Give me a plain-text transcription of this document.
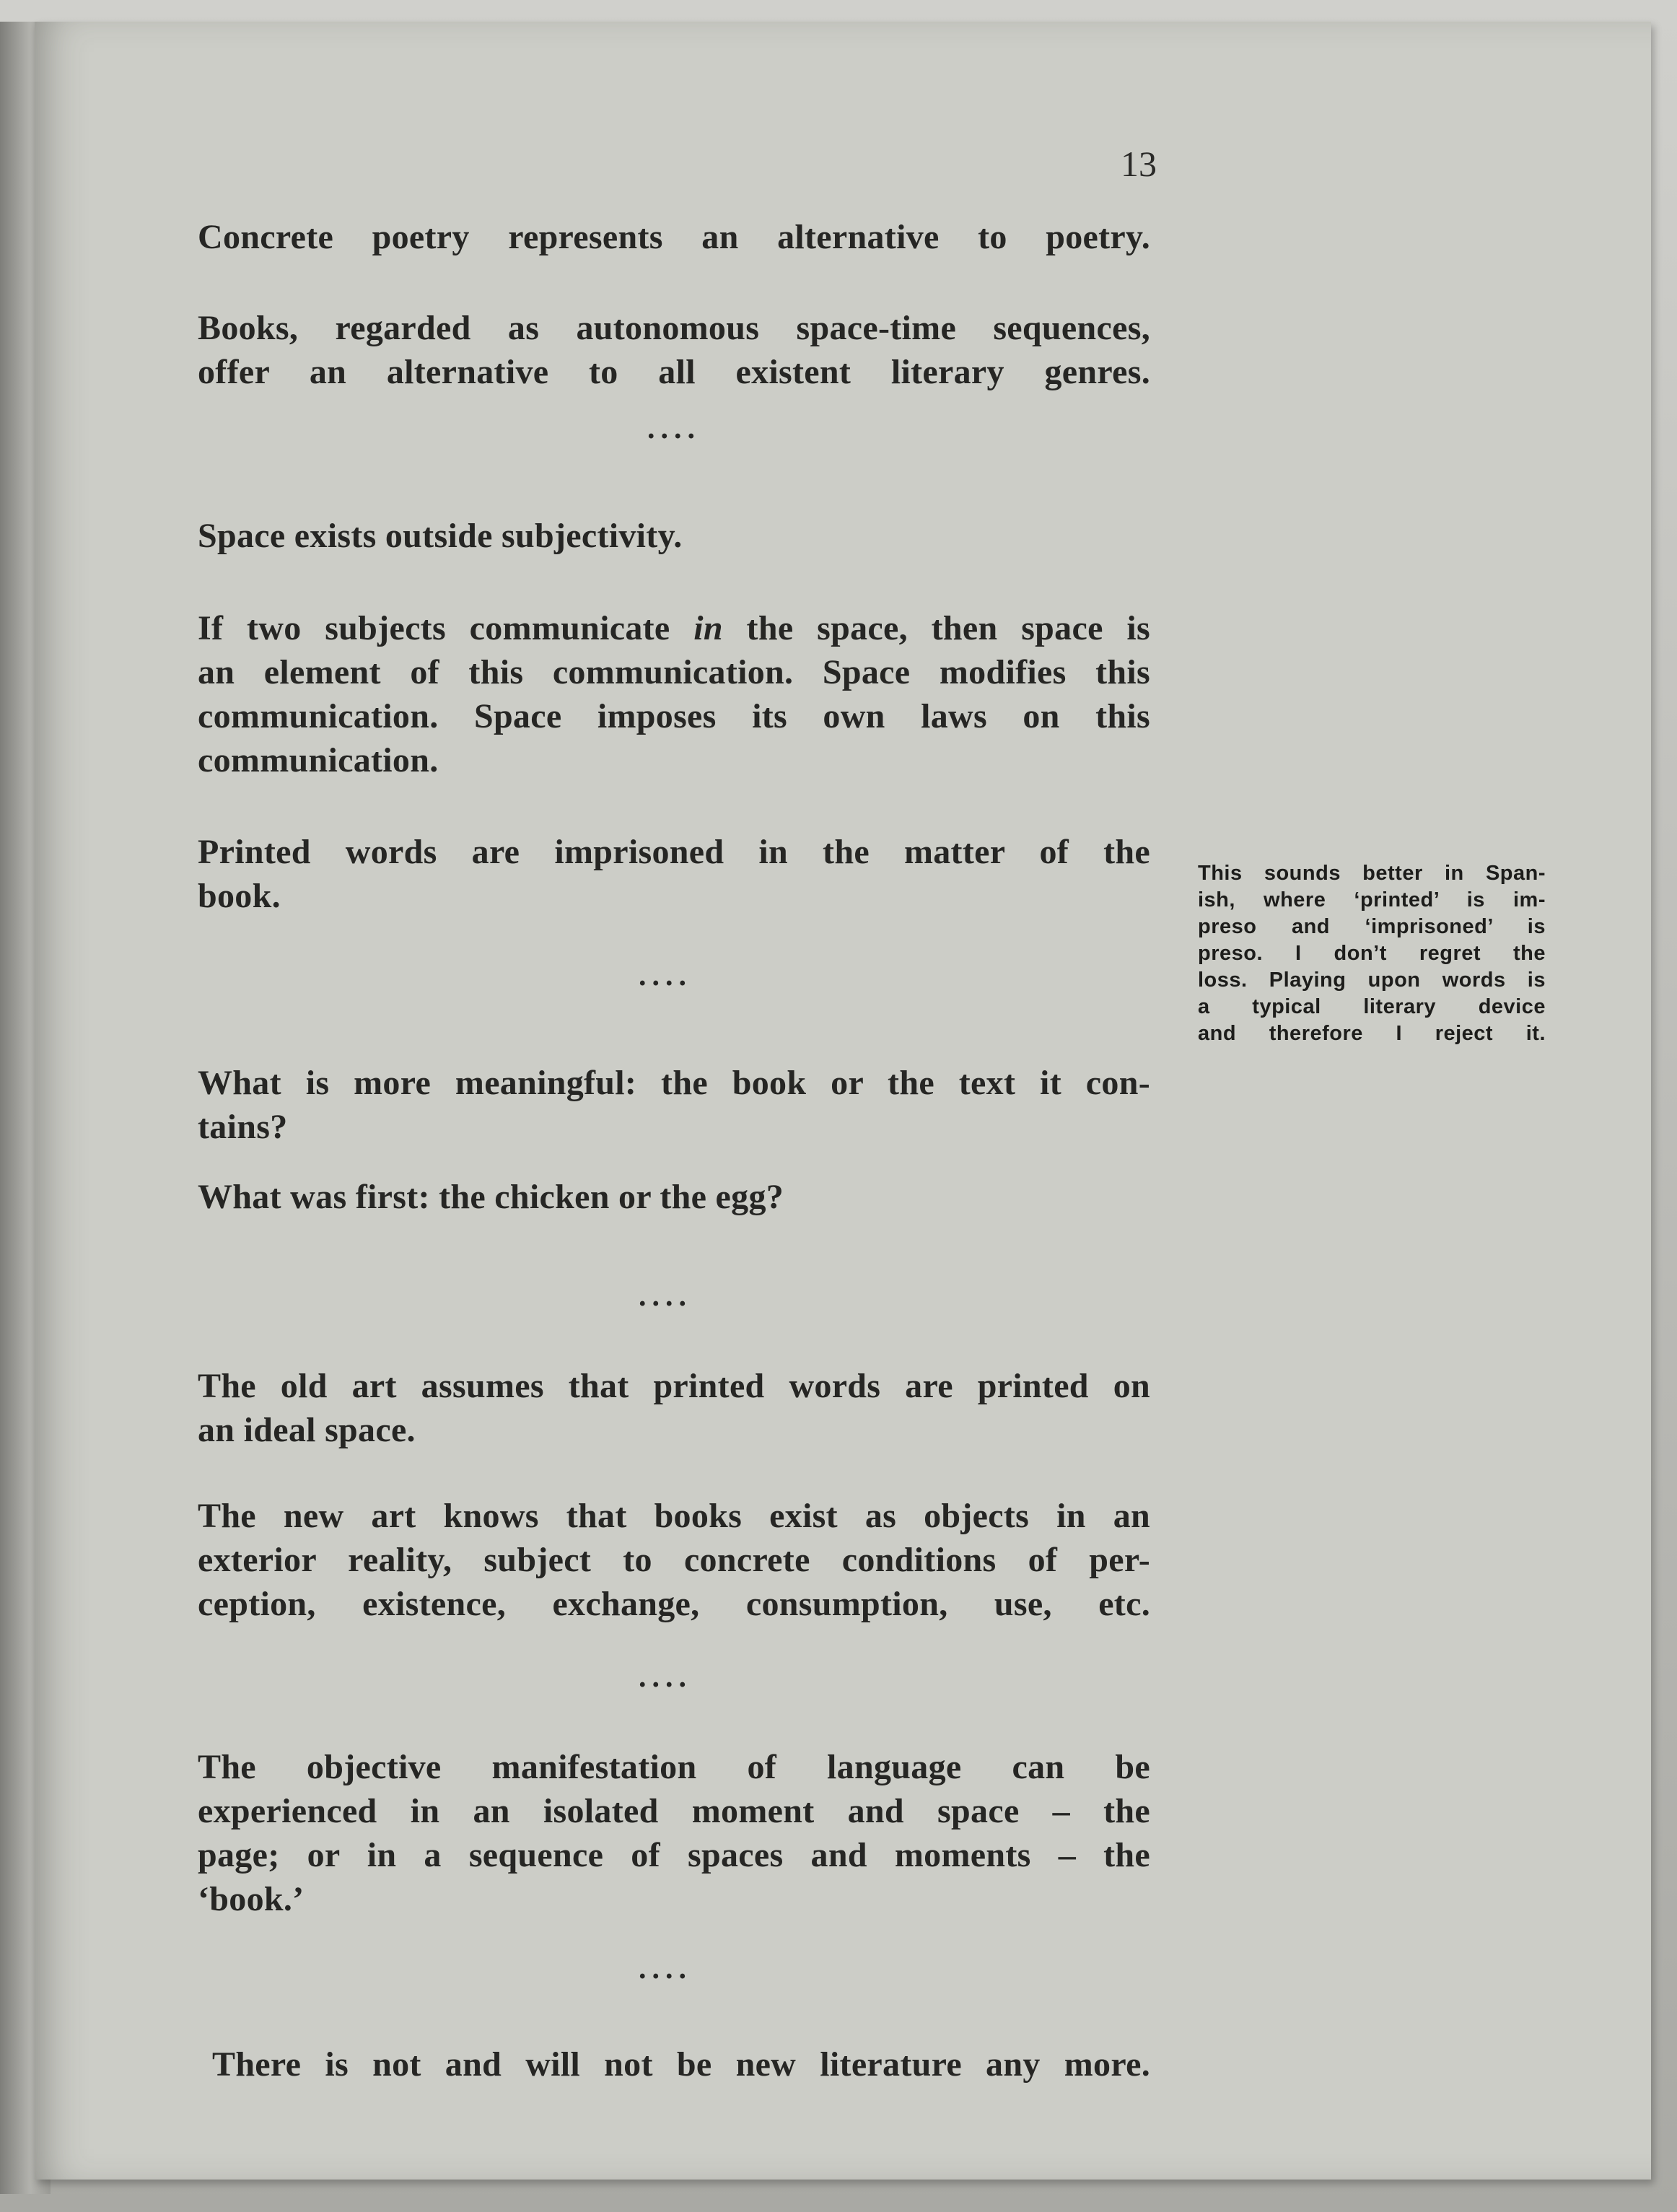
13

Concrete poetry represents an alternative to poetry.

Books, regarded as autonomous space-time sequences,

offer an alternative to all existent literary genres.

....

Space exists outside subjectivity.

If two subjects communicate in the space, then space is

an element of this communication. Space modifies this

communication. Space imposes its own laws on this

communication.

Printed words are imprisoned in the matter of the

book.

....

What is more meaningful: the book or the text it con-

tains?

What was first: the chicken or the egg?

....

The old art assumes that printed words are printed on

an ideal space.

The new art knows that books exist as objects in an

exterior reality, subject to concrete conditions of per-

ception, existence, exchange, consumption, use, etc.

....

The objective manifestation of language can be

experienced in an isolated moment and space – the

page; or in a sequence of spaces and moments – the

‘book.’

....

There is not and will not be new literature any more.

This sounds better in Span-
ish, where ‘printed’ is im-
preso and ‘imprisoned’ is
preso. I don’t regret the
loss. Playing upon words is
a typical literary device
and therefore I reject it.
